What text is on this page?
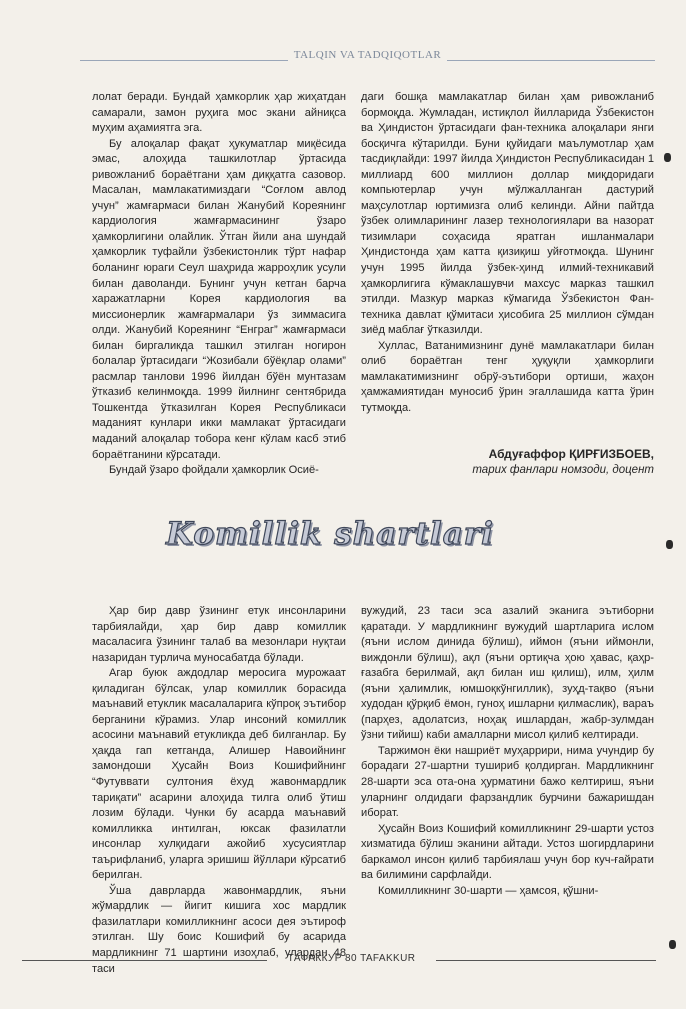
TALQIN VA TADQIQOTLAR

лолат беради. Бундай ҳамкорлик ҳар жиҳатдан самарали, замон руҳига мос экани айниқса муҳим аҳамиятга эга.

Бу алоқалар фақат ҳукуматлар миқёсида эмас, алоҳида ташкилотлар ўртасида ривожланиб бораётгани ҳам диққатга сазовор. Масалан, мамлакатимиздаги “Соғлом авлод учун” жамғармаси билан Жанубий Кореянинг кардиология жамғармасининг ўзаро ҳамкорлигини олайлик. Ўтган йили ана шундай ҳамкорлик туфайли ўзбекистонлик тўрт нафар боланинг юраги Сеул шаҳрида жарроҳлик усули билан даволанди. Бунинг учун кетган барча харажатларни Корея кардиология ва миссионерлик жамғармалари ўз зиммасига олди. Жанубий Кореянинг “Енграг” жамғармаси билан биргаликда ташкил этилган ногирон болалар ўртасидаги “Жозибали бўёқлар олами” расмлар танлови 1996 йилдан бўён мунтазам ўтказиб келинмоқда. 1999 йилнинг сентябрида Тошкентда ўтказилган Корея Республикаси маданият кунлари икки мамлакат ўртасидаги маданий алоқалар тобора кенг кўлам касб этиб бораётганини кўрсатади.

Бундай ўзаро фойдали ҳамкорлик Осиё-

даги бошқа мамлакатлар билан ҳам ривожланиб бормоқда. Жумладан, истиқлол йилларида Ўзбекистон ва Ҳиндистон ўртасидаги фан-техника алоқалари янги босқичга кўтарилди. Буни қуйидаги маълумотлар ҳам тасдиқлайди: 1997 йилда Ҳиндистон Республикасидан 1 миллиард 600 миллион доллар миқдоридаги компьютерлар учун мўлжалланган дастурий маҳсулотлар юртимизга олиб келинди. Айни пайтда ўзбек олимларининг лазер технологиялари ва назорат тизимлари соҳасида яратган ишланмалари Ҳиндистонда ҳам катта қизиқиш уйғотмоқда. Шунинг учун 1995 йилда ўзбек-ҳинд илмий-техникавий ҳамкорлигига кўмаклашувчи махсус марказ ташкил этилди. Мазкур марказ кўмагида Ўзбекистон Фан-техника давлат қўмитаси ҳисобига 25 миллион сўмдан зиёд маблағ ўтказилди.

Хуллас, Ватанимизнинг дунё мамлакатлари билан олиб бораётган тенг ҳуқуқли ҳамкорлиги мамлакатимизнинг обрў-эътибори ортиши, жаҳон ҳамжамиятидан муносиб ўрин эгаллашида катта ўрин тутмоқда.

Абдуғаффор ҚИРҒИЗБОЕВ,
тарих фанлари номзоди, доцент
Komillik shartlari

Ҳар бир давр ўзининг етук инсонларини тарбиялайди, ҳар бир давр комиллик масаласига ўзининг талаб ва мезонлари нуқтаи назаридан турлича муносабатда бўлади.

Агар буюк аждодлар меросига мурожаат қиладиган бўлсак, улар комиллик борасида маънавий етуклик масалаларига кўпроқ эътибор берганини кўрамиз. Улар инсоний комиллик асосини маънавий етукликда деб билганлар. Бу ҳақда гап кетганда, Алишер Навоийнинг замондоши Ҳусайн Воиз Кошифийнинг “Футуввати султония ёхуд жавонмардлик тариқати” асарини алоҳида тилга олиб ўтиш лозим бўлади. Чунки бу асарда маънавий комилликка интилган, юксак фазилатли инсонлар хулқидаги ажойиб хусусиятлар таърифланиб, уларга эришиш йўллари кўрсатиб берилган.

Ўша даврларда жавонмардлик, яъни жўмардлик — йигит кишига хос мардлик фазилатлари комилликнинг асоси дея эътироф этилган. Шу боис Кошифий бу асарида мардликнинг 71 шартини изоҳлаб, улардан 48 таси

вужудий, 23 таси эса азалий эканига эътиборни қаратади. У мардликнинг вужудий шартларига ислом (яъни ислом динида бўлиш), иймон (яъни иймонли, виждонли бўлиш), ақл (яъни ортиқча ҳою ҳавас, қаҳр-ғазабга берилмай, ақл билан иш қилиш), илм, ҳилм (яъни ҳалимлик, юмшоқкўнгиллик), зуҳд-тақво (яъни худодан қўрқиб ёмон, гуноҳ ишларни қилмаслик), вараъ (парҳез, адолатсиз, ноҳақ ишлардан, жабр-зулмдан ўзни тийиш) каби амалларни мисол қилиб келтиради.

Таржимон ёки нашриёт муҳаррири, нима учундир бу борадаги 27-шартни тушириб қолдирган. Мардликнинг 28-шарти эса ота-она ҳурматини бажо келтириш, яъни уларнинг олдидаги фарзандлик бурчини бажаришдан иборат.

Ҳусайн Воиз Кошифий комилликнинг 29-шарти устоз хизматида бўлиш эканини айтади. Устоз шогирдларини баркамол инсон қилиб тарбиялаш учун бор куч-ғайрати ва билимини сарфлайди.

Комилликнинг 30-шарти — ҳамсоя, қўшни-

ТАФАККУР 80 TAFAKKUR
